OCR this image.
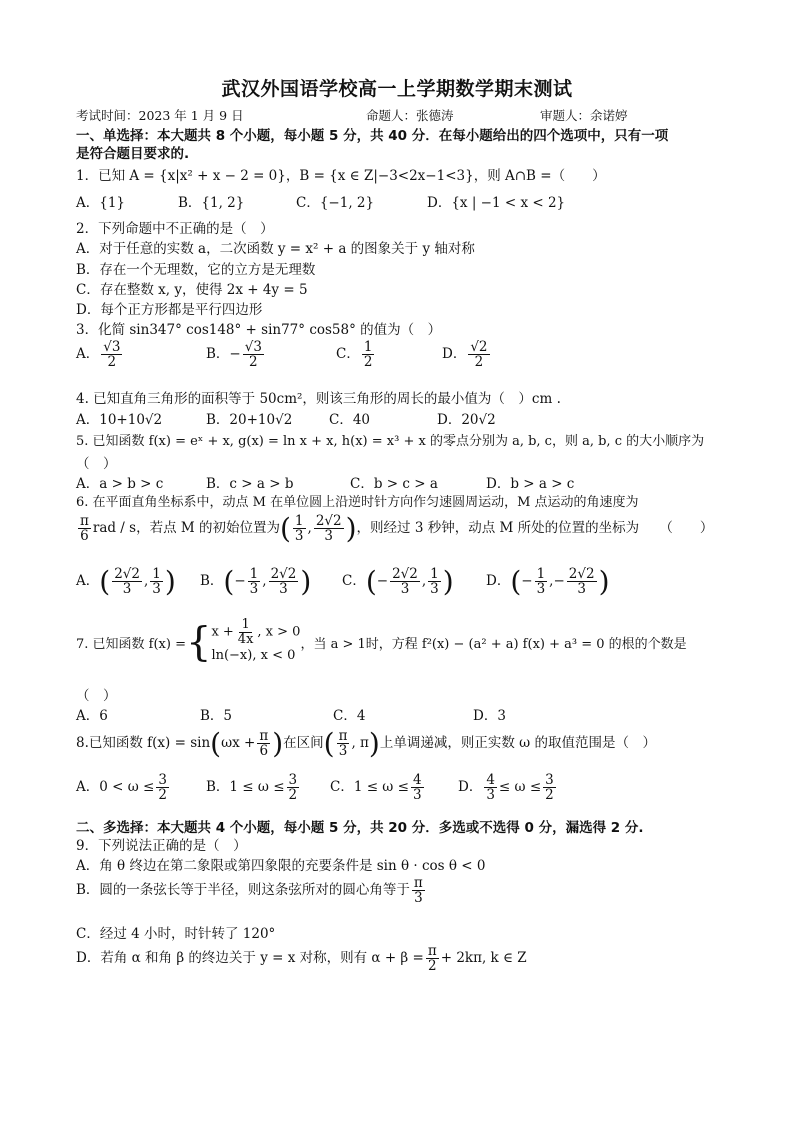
武汉外国语学校高一上学期数学期末测试
考试时间：2023 年 1 月 9 日	命题人：张德涛	审题人：余诺婷
一、单选择：本大题共 8 个小题，每小题 5 分，共 40 分．在每小题给出的四个选项中，只有一项
是符合题目要求的.
1．已知 A = {x|x² + x − 2 = 0}，B = {x ∈ Z|−3<2x−1<3}，则 A∩B =（　　）
A．{1}	B．{1, 2}	C．{−1, 2}	D．{x | −1 < x < 2}
2．下列命题中不正确的是（　）
A．对于任意的实数 a，二次函数 y = x² + a 的图象关于 y 轴对称
B．存在一个无理数，它的立方是无理数
C．存在整数 x, y，使得 2x + 4y = 5
D．每个正方形都是平行四边形
3．化简 sin347° cos148° + sin77° cos58° 的值为（　）
A． $\frac{√3}{2}$	B．− $\frac{√3}{2}$	C． $\frac{1}{2}$	D． $\frac{√2}{2}$
4. 已知直角三角形的面积等于 50cm²，则该三角形的周长的最小值为（　）cm .
A．10+10√2	B．20+10√2	C．40	D．20√2
5. 已知函数 f(x) = eˣ + x, g(x) = ln x + x, h(x) = x³ + x 的零点分别为 a, b, c，则 a, b, c 的大小顺序为
（　）
A．a > b > c	B．c > a > b	C．b > c > a	D．b > a > c
6. 在平面直角坐标系中，动点 M 在单位圆上沿逆时针方向作匀速圆周运动，M 点运动的角速度为
$\frac{\pi}{6}$ rad / s，若点 M 的初始位置为( $\frac{1}{3}$ , $\frac{2√2}{3}$ )，则经过 3 秒钟，动点 M 所处的位置的坐标为　　（　　）
A．( $\frac{2√2}{3}$ , $\frac{1}{3}$ ) B．(− $\frac{1}{3}$ , $\frac{2√2}{3}$ ) C．(− $\frac{2√2}{3}$ , $\frac{1}{3}$ ) D．(− $\frac{1}{3}$ ,− $\frac{2√2}{3}$ )
7. 已知函数 f(x) ={ $x + \frac{1}{4x}$ , x > 0
ln(−x), x < 0
，当 a > 1时，方程 f²(x) − (a² + a) f(x) + a³ = 0 的根的个数是
（　）
A．6	B．5	C．4	D．3
8.已知函数 $f(x) = \sin(\omega x + \frac{\pi}{6}$ )在区间( $\frac{\pi}{3}$ , π)上单调递减，则正实数 ω 的取值范围是（　）
A．$0 < \omega \le \frac{3}{2}$	B．$1 \le \omega \le \frac{3}{2}$ C．$1 \le \omega \le \frac{4}{3}$	D． $\frac{4}{3} \le \omega \le \frac{3}{2}$
二、多选择：本大题共 4 个小题，每小题 5 分，共 20 分．多选或不选得 0 分，漏选得 2 分.
9．下列说法正确的是（　）
A．角 θ 终边在第二象限或第四象限的充要条件是 sin θ · cos θ < 0
B．圆的一条弦长等于半径，则这条弦所对的圆心角等于 $\frac{\pi}{3}$
C．经过 4 小时，时针转了 120°
D．若角 α 和角 β 的终边关于 y = x 对称，则有 $\alpha + \beta = \frac{\pi}{2} + 2k\pi$, k ∈ Z
